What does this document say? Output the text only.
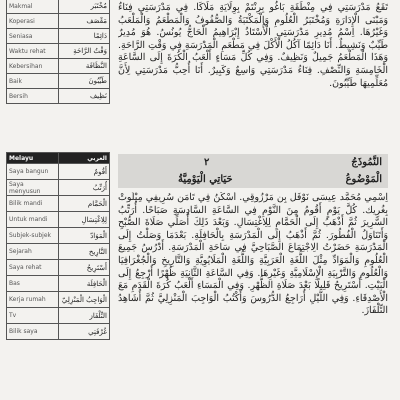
Makmal	مُخْتَبَر
Koperasi	مَقْصَف
Seniasa	دَائِمًا
Waktu rehat	وَقْتُ الرَّاحَةِ
Kebersihan	النَّظَافَة
Baik	طَيِّبُونَ
Bersih	نَظِيف

تَقَعُ مَدْرَسَتِي فِي مِنْطَقَةِ بَاغُو بِرِنْتَمْ بِوِلَايَةِ مَلَاكَا. فِي مَدْرَسَتِي فِنَاءٌ وَمَبْنَى الْإِدَارَةِ وَمُخْتَبَرُ الْعُلُومِ وَالْمَكْتَبَةُ وَالصُّفُوفُ وَالْمَطْعَمُ وَالْمَلْعَبُ وَغَيْرُهَا. اِسْمُ مُدِيرِ مَدْرَسَتِي الْأُسْتَاذُ إِبْرَاهِيمُ الْحَاجُّ يُونُسُ. هُوَ مُدِيرٌ طَيِّبٌ وَنَشِيطٌ. أَنَا دَائِمًا آكُلُ الْأَكْلَ فِي مَطْعَمِ الْمَدْرَسَةِ فِي وَقْتِ الرَّاحَةِ. وَهَذَا الْمَطْعَمُ جَمِيلٌ وَنَظِيفٌ. وَفِي كُلِّ مَسَاءٍ أَلْعَبُ الْكُرَةَ إِلَى السَّاعَةِ الْخَامِسَةِ وَالنِّصْفِ. فِنَاءُ مَدْرَسَتِي وَاسِعٌ وَكَبِيرٌ. أَنَا أُحِبُّ مَدْرَسَتِي لِأَنَّ مُعَلِّمِيهَا طَيِّبُونَ.

Melayu	العربي
Saya bangun	أَقُومُ
Saya menyusun	أُرَتِّبُ
Bilik mandi	الْحَمَّام
Untuk mandi	لِلِاغْتِسَالِ
Subjek-subjek	الْمَوَادّ
Sejarah	التَّارِيخ
Saya rehat	أَسْتَرِيحُ
Bas	الْحَافِلَة
Kerja rumah	الْوَاجِبُ الْمَنْزِلِيّ
Tv	التِّلْفَاز
Bilik saya	غُرْفَتِي
النَّمُوذَجُ
٢
الْمَوْضُوعُ
حَيَاتِي الْيَوْمِيَّةُ

اِسْمِي مُحَمَّد عِيسَى نَوْفَل بِن مَرْزُوقِي. أَسْكُنُ فِي تَامَن سُرِيفِي مِيْلُوتْ بِغُرِيك. كُلَّ يَوْمٍ أَقُومُ مِنَ النَّوْمِ فِي السَّاعَةِ السَّادِسَةِ صَبَاحًا. أُرَتِّبُ السَّرِيرَ ثُمَّ أَذْهَبُ إِلَى الْحَمَّامِ لِلِاغْتِسَالِ. وَبَعْدَ ذَلِكَ أُصَلِّي صَلَاةَ الصُّبْحِ وَأَتَنَاوَلُ الْفُطُورَ. ثُمَّ أَذْهَبُ إِلَى الْمَدْرَسَةِ بِالْحَافِلَةِ. بَعْدَمَا وَصَلْتُ إِلَى الْمَدْرَسَةِ حَضَرْتُ الِاجْتِمَاعَ الصَّبَاحِيَّ فِي سَاحَةِ الْمَدْرَسَةِ. أَدْرُسُ جَمِيعَ الْعُلُومِ وَالْمَوَادِّ مِثْلَ اللُّغَةِ الْعَرَبِيَّةِ وَاللُّغَةِ الْمَلَايُوِيَّةِ وَالتَّارِيخِ وَالْجُغْرَافِيَا وَالْعُلُومِ وَالتَّرْبِيَةِ الْإِسْلَامِيَّةِ وَغَيْرِهَا. وَفِي السَّاعَةِ الثَّانِيَةِ ظُهْرًا أَرْجِعُ إِلَى الْبَيْتِ. أَسْتَرِيحُ قَلِيلًا بَعْدَ صَلَاةِ الظُّهْرِ. وَفِي الْمَسَاءِ أَلْعَبُ كُرَةَ الْقَدَمِ مَعَ الْأَصْدِقَاءِ. وَفِي اللَّيْلِ أُرَاجِعُ الدُّرُوسَ وَأَكْتُبُ الْوَاجِبَ الْمَنْزِلِيَّ ثُمَّ أُشَاهِدُ التِّلْفَازَ.
